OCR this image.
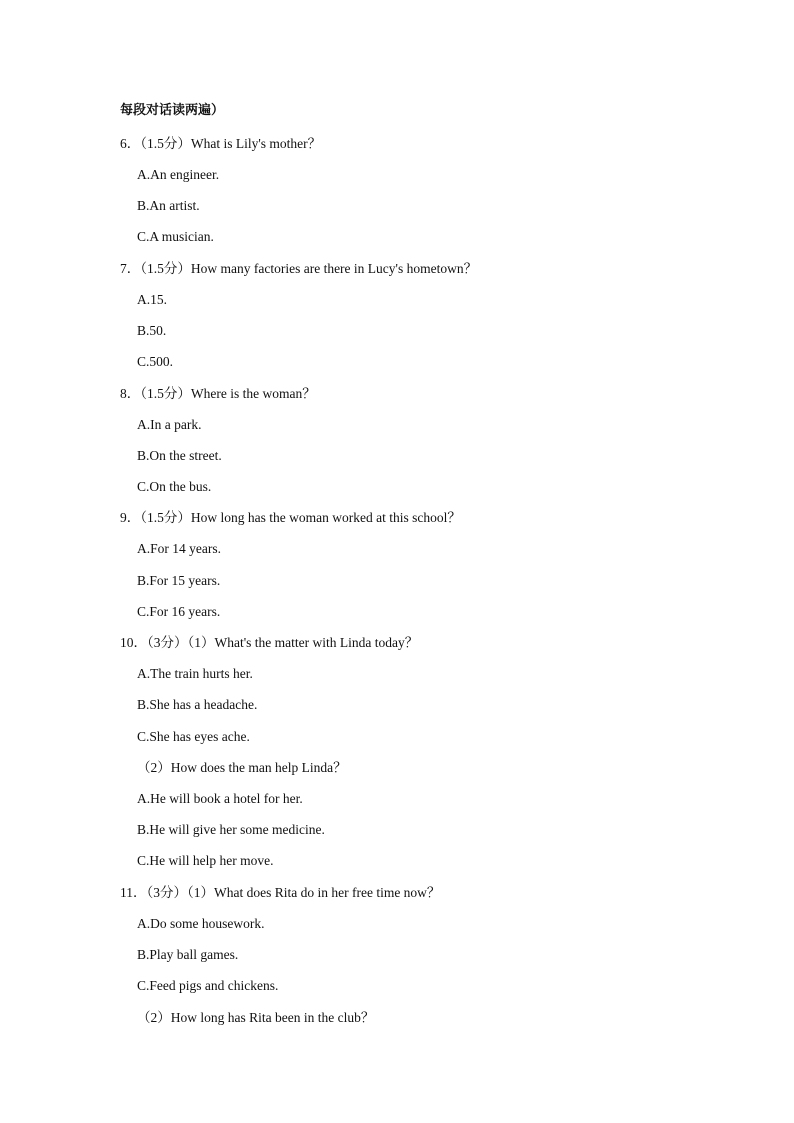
每段对话读两遍）
6．（1.5分）What is Lily's mother？
A.An engineer.
B.An artist.
C.A musician.
7．（1.5分）How many factories are there in Lucy's hometown？
A.15.
B.50.
C.500.
8．（1.5分）Where is the woman？
A.In a park.
B.On the street.
C.On the bus.
9．（1.5分）How long has the woman worked at this school？
A.For 14 years.
B.For 15 years.
C.For 16 years.
10．（3分）（1）What's the matter with Linda today？
A.The train hurts her.
B.She has a headache.
C.She has eyes ache.
（2）How does the man help Linda？
A.He will book a hotel for her.
B.He will give her some medicine.
C.He will help her move.
11．（3分）（1）What does Rita do in her free time now？
A.Do some housework.
B.Play ball games.
C.Feed pigs and chickens.
（2）How long has Rita been in the club？
